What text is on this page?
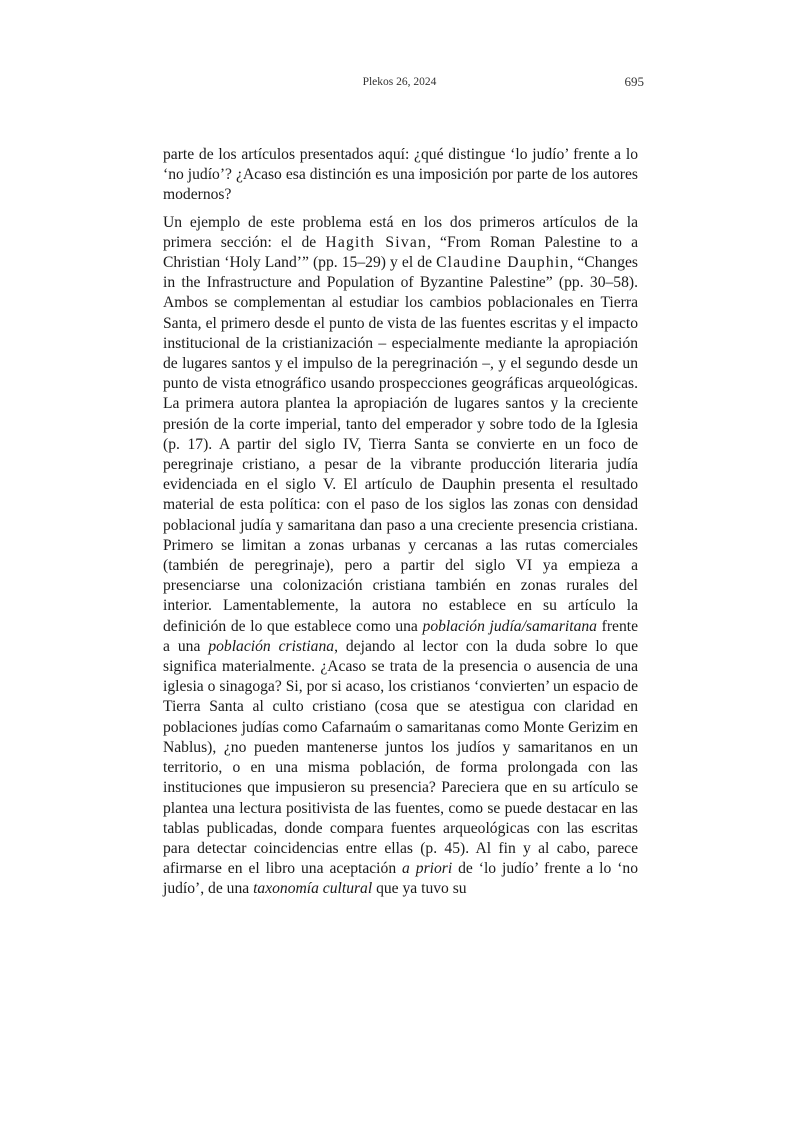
Plekos 26, 2024	695

parte de los artículos presentados aquí: ¿qué distingue ‘lo judío’ frente a lo ‘no judío’? ¿Acaso esa distinción es una imposición por parte de los autores modernos?

Un ejemplo de este problema está en los dos primeros artículos de la primera sección: el de Hagith Sivan, “From Roman Palestine to a Christian ‘Holy Land’” (pp. 15–29) y el de Claudine Dauphin, “Changes in the Infrastructure and Population of Byzantine Palestine” (pp. 30–58). Ambos se complementan al estudiar los cambios poblacionales en Tierra Santa, el primero desde el punto de vista de las fuentes escritas y el impacto institucional de la cristianización – especialmente mediante la apropiación de lugares santos y el impulso de la peregrinación –, y el segundo desde un punto de vista etnográfico usando prospecciones geográficas arqueológicas. La primera autora plantea la apropiación de lugares santos y la creciente presión de la corte imperial, tanto del emperador y sobre todo de la Iglesia (p. 17). A partir del siglo IV, Tierra Santa se convierte en un foco de peregrinaje cristiano, a pesar de la vibrante producción literaria judía evidenciada en el siglo V. El artículo de Dauphin presenta el resultado material de esta política: con el paso de los siglos las zonas con densidad poblacional judía y samaritana dan paso a una creciente presencia cristiana. Primero se limitan a zonas urbanas y cercanas a las rutas comerciales (también de peregrinaje), pero a partir del siglo VI ya empieza a presenciarse una colonización cristiana también en zonas rurales del interior. Lamentablemente, la autora no establece en su artículo la definición de lo que establece como una población judía/samaritana frente a una población cristiana, dejando al lector con la duda sobre lo que significa materialmente. ¿Acaso se trata de la presencia o ausencia de una iglesia o sinagoga? Si, por si acaso, los cristianos ‘convierten’ un espacio de Tierra Santa al culto cristiano (cosa que se atestigua con claridad en poblaciones judías como Cafarnaúm o samaritanas como Monte Gerizim en Nablus), ¿no pueden mantenerse juntos los judíos y samaritanos en un territorio, o en una misma población, de forma prolongada con las instituciones que impusieron su presencia? Pareciera que en su artículo se plantea una lectura positivista de las fuentes, como se puede destacar en las tablas publicadas, donde compara fuentes arqueológicas con las escritas para detectar coincidencias entre ellas (p. 45). Al fin y al cabo, parece afirmarse en el libro una aceptación a priori de ‘lo judío’ frente a lo ‘no judío’, de una taxonomía cultural que ya tuvo su
